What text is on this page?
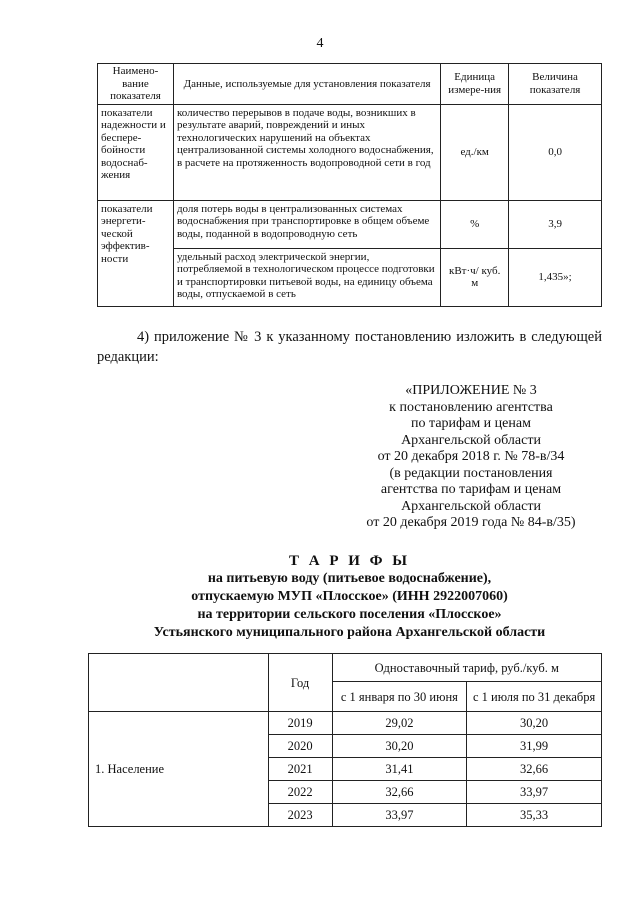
4
Наимено-вание показателя	Данные, используемые для установления показателя	Единица измере-ния	Величина показателя
показатели надежности и беспере-бойности водоснаб-жения	количество перерывов в подаче воды, возникших в результате аварий, повреждений и иных технологических нарушений на объектах централизованной системы холодного водоснабжения, в расчете на протяженность водопроводной сети в год	ед./км	0,0
показатели энергети-ческой эффектив-ности	доля потерь воды в централизованных системах водоснабжения при транспортировке в общем объеме воды, поданной в водопроводную сеть	%	3,9
	удельный расход электрической энергии, потребляемой в технологическом процессе подготовки и транспортировки питьевой воды, на единицу объема воды, отпускаемой в сеть	кВт·ч/ куб. м	1,435»;
4) приложение № 3 к указанному постановлению изложить в следующей редакции:
«ПРИЛОЖЕНИЕ № 3
к постановлению агентства
по тарифам и ценам
Архангельской области
от 20 декабря 2018 г. № 78-в/34
(в редакции постановления
агентства по тарифам и ценам
Архангельской области
от 20 декабря 2019 года № 84-в/35)
Т А Р И Ф Ы
на питьевую воду (питьевое водоснабжение),
отпускаемую МУП «Плосское» (ИНН 2922007060)
на территории сельского поселения «Плосское»
Устьянского муниципального района Архангельской области
	Год	Одноставочный тариф, руб./куб. м	
		с 1 января по 30 июня	с 1 июля по 31 декабря
1. Население	2019	29,02	30,20
	2020	30,20	31,99
	2021	31,41	32,66
	2022	32,66	33,97
	2023	33,97	35,33
